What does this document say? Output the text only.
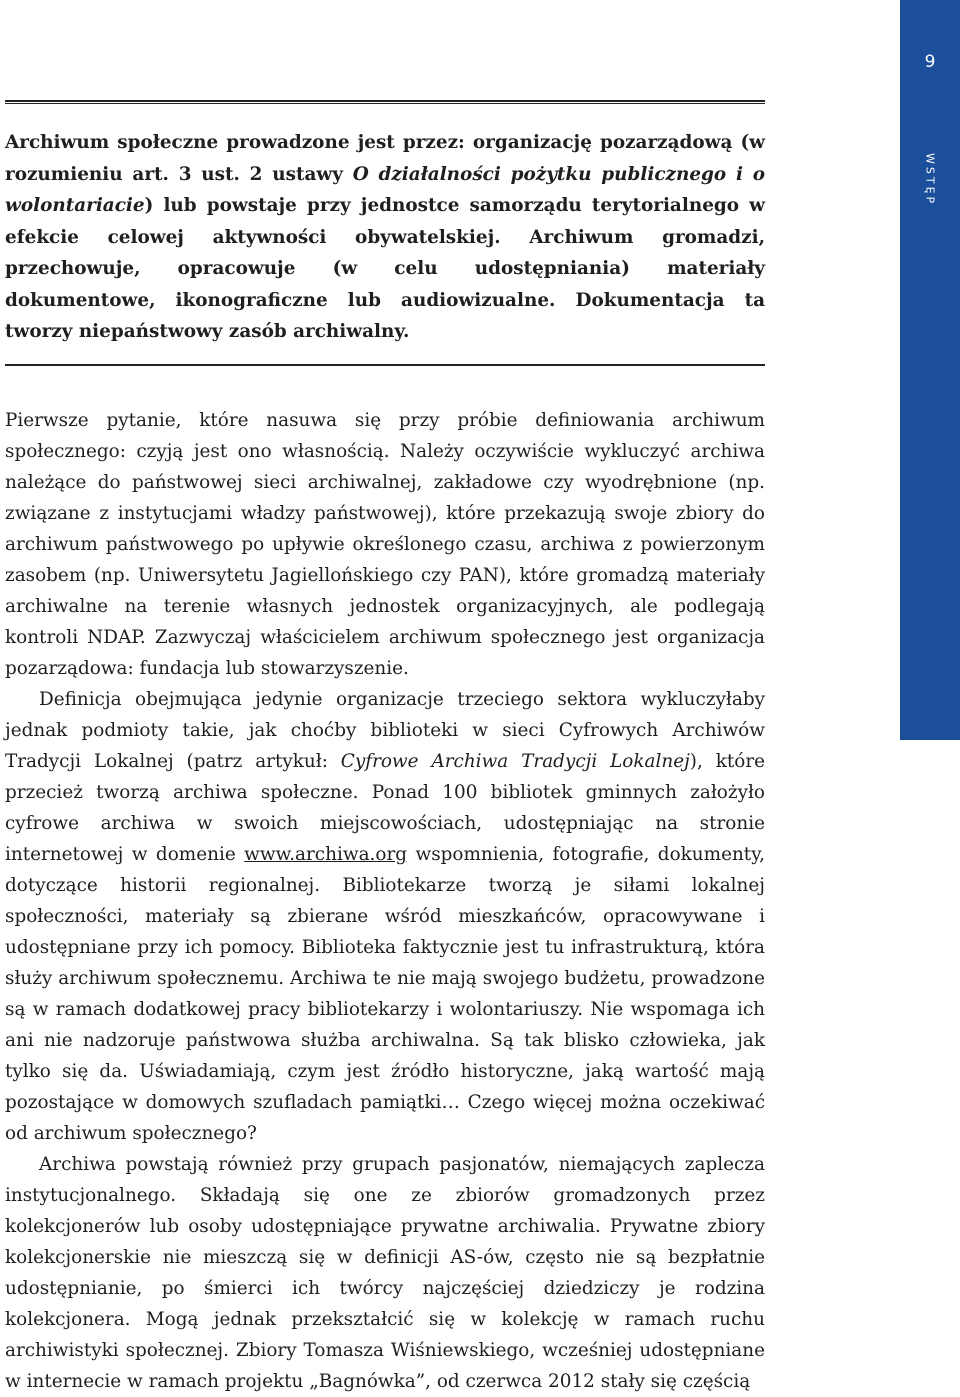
9
WSTĘP
Archiwum społeczne prowadzone jest przez: organizację pozarządową (w rozumieniu art. 3 ust. 2 ustawy O działalności pożytku publicznego i o wolontariacie) lub powstaje przy jednostce samorządu terytorialnego w efekcie celowej aktywności obywatelskiej. Archiwum gromadzi, przechowuje, opracowuje (w celu udostępniania) materiały dokumentowe, ikonograficzne lub audiowizualne. Dokumentacja ta tworzy niepaństwowy zasób archiwalny.

Pierwsze pytanie, które nasuwa się przy próbie definiowania archiwum społecznego: czyją jest ono własnością. Należy oczywiście wykluczyć archiwa należące do państwowej sieci archiwalnej, zakładowe czy wyodrębnione (np. związane z instytucjami władzy państwowej), które przekazują swoje zbiory do archiwum państwowego po upływie określonego czasu, archiwa z powierzonym zasobem (np. Uniwersytetu Jagiellońskiego czy PAN), które gromadzą materiały archiwalne na terenie własnych jednostek organizacyjnych, ale podlegają kontroli NDAP. Zazwyczaj właścicielem archiwum społecznego jest organizacja pozarządowa: fundacja lub stowarzyszenie.

Definicja obejmująca jedynie organizacje trzeciego sektora wykluczyłaby jednak podmioty takie, jak choćby biblioteki w sieci Cyfrowych Archiwów Tradycji Lokalnej (patrz artykuł: Cyfrowe Archiwa Tradycji Lokalnej), które przecież tworzą archiwa społeczne. Ponad 100 bibliotek gminnych założyło cyfrowe archiwa w swoich miejscowościach, udostępniając na stronie internetowej w domenie www.archiwa.org wspomnienia, fotografie, dokumenty, dotyczące historii regionalnej. Bibliotekarze tworzą je siłami lokalnej społeczności, materiały są zbierane wśród mieszkańców, opracowywane i udostępniane przy ich pomocy. Biblioteka faktycznie jest tu infrastrukturą, która służy archiwum społecznemu. Archiwa te nie mają swojego budżetu, prowadzone są w ramach dodatkowej pracy bibliotekarzy i wolontariuszy. Nie wspomaga ich ani nie nadzoruje państwowa służba archiwalna. Są tak blisko człowieka, jak tylko się da. Uświadamiają, czym jest źródło historyczne, jaką wartość mają pozostające w domowych szufladach pamiątki… Czego więcej można oczekiwać od archiwum społecznego?

Archiwa powstają również przy grupach pasjonatów, niemających zaplecza instytucjonalnego. Składają się one ze zbiorów gromadzonych przez kolekcjonerów lub osoby udostępniające prywatne archiwalia. Prywatne zbiory kolekcjonerskie nie mieszczą się w definicji AS-ów, często nie są bezpłatnie udostępnianie, po śmierci ich twórcy najczęściej dziedziczy je rodzina kolekcjonera. Mogą jednak przekształcić się w kolekcję w ramach ruchu archiwistyki społecznej. Zbiory Tomasza Wiśniewskiego, wcześniej udostępniane w internecie w ramach projektu „Bagnówka”, od czerwca 2012 stały się częścią
